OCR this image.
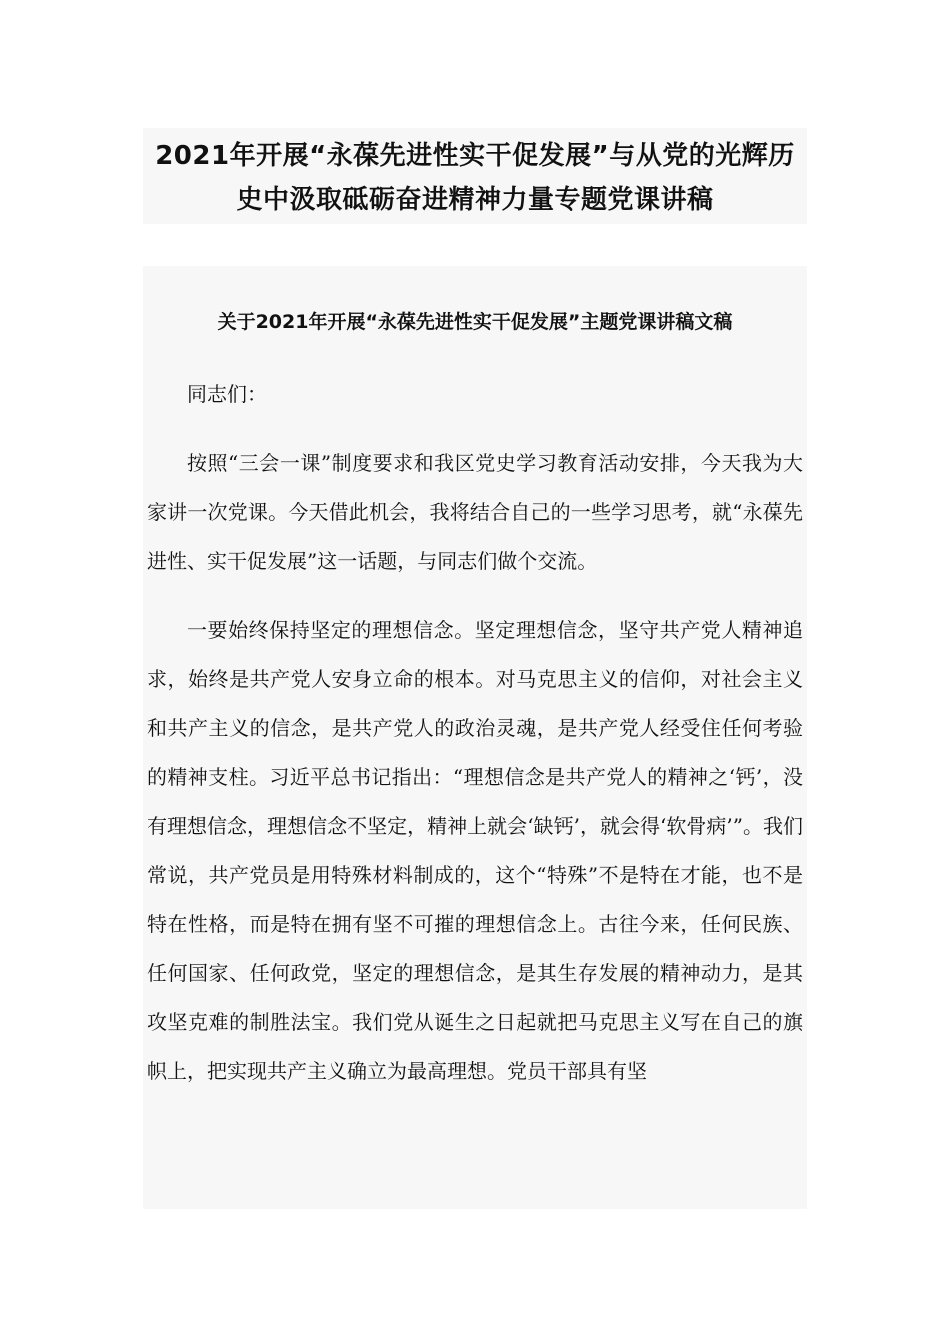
2021年开展“永葆先进性实干促发展”与从党的光辉历史中汲取砥砺奋进精神力量专题党课讲稿
关于2021年开展“永葆先进性实干促发展”主题党课讲稿文稿

同志们：

按照“三会一课”制度要求和我区党史学习教育活动安排，今天我为大家讲一次党课。今天借此机会，我将结合自己的一些学习思考，就“永葆先进性、实干促发展”这一话题，与同志们做个交流。

一要始终保持坚定的理想信念。坚定理想信念，坚守共产党人精神追求，始终是共产党人安身立命的根本。对马克思主义的信仰，对社会主义和共产主义的信念，是共产党人的政治灵魂，是共产党人经受住任何考验的精神支柱。习近平总书记指出：“理想信念是共产党人的精神之‘钙’，没有理想信念，理想信念不坚定，精神上就会‘缺钙’，就会得‘软骨病’”。我们常说，共产党员是用特殊材料制成的，这个“特殊”不是特在才能，也不是特在性格，而是特在拥有坚不可摧的理想信念上。古往今来，任何民族、任何国家、任何政党，坚定的理想信念，是其生存发展的精神动力，是其攻坚克难的制胜法宝。我们党从诞生之日起就把马克思主义写在自己的旗帜上，把实现共产主义确立为最高理想。党员干部具有坚
